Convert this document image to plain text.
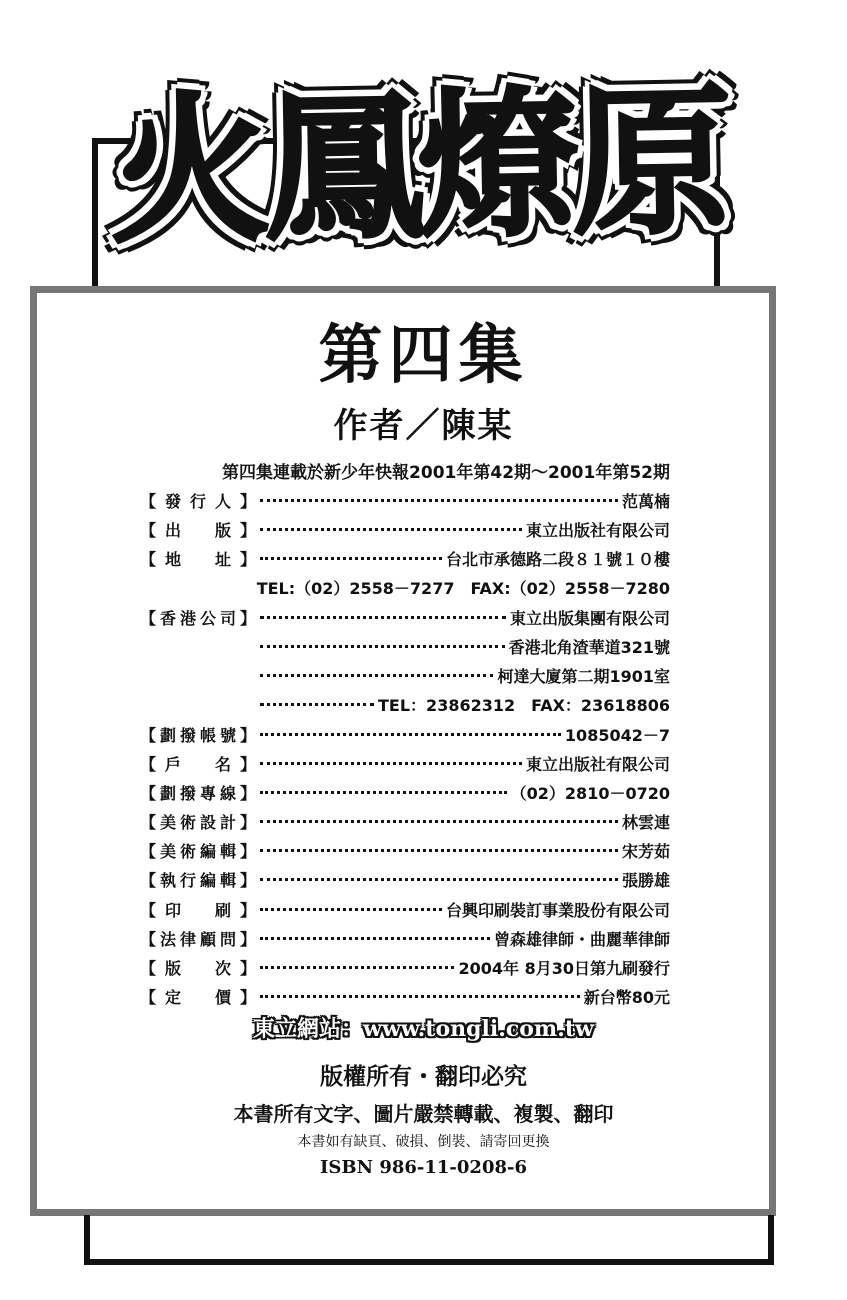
火鳳燎原
第四集
作者／陳某
第四集連載於新少年快報2001年第42期～2001年第52期
【發行人】	范萬楠
【出　版】	東立出版社有限公司
【地　址】	台北市承德路二段８１號１０樓
TEL:（02）2558－7277　FAX:（02）2558－7280
【香港公司】	東立出版集團有限公司
香港北角渣華道321號
柯達大廈第二期1901室
TEL：23862312　FAX：23618806
【劃撥帳號】	1085042－7
【戶　名】	東立出版社有限公司
【劃撥專線】	（02）2810－0720
【美術設計】	林雲連
【美術編輯】	宋芳茹
【執行編輯】	張勝雄
【印　刷】	台興印刷裝訂事業股份有限公司
【法律顧問】	曾森雄律師・曲麗華律師
【版　次】	2004年 8月30日第九刷發行
【定　價】	新台幣80元
東立網站：www.tongli.com.tw
版權所有・翻印必究
本書所有文字、圖片嚴禁轉載、複製、翻印
本書如有缺頁、破損、倒裝、請寄回更換
ISBN 986-11-0208-6
